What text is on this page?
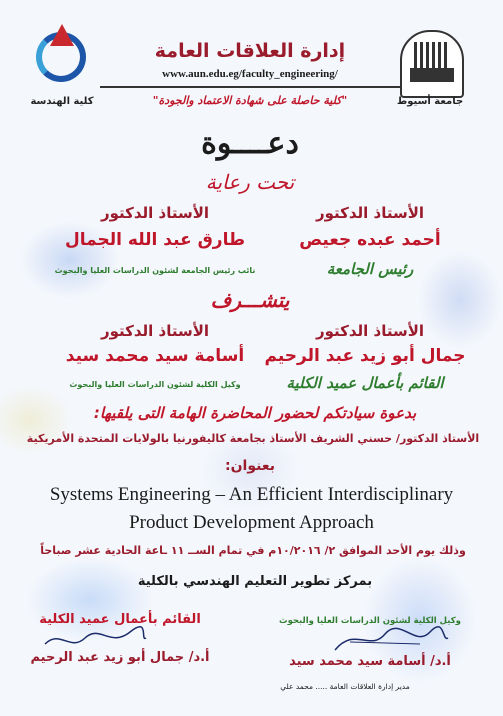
جامعة أسيوط
كلية الهندسة
إدارة العلاقات العامة
www.aun.edu.eg/faculty_engineering/
"كلية حاصلة على شهادة الاعتماد والجودة"
دعــــوة
تحت رعاية
الأستاذ الدكتور
أحمد عبده جعيص
رئيس الجامعة
الأستاذ الدكتور
طارق عبد الله الجمال
نائب رئيس الجامعة لشئون الدراسات العليا والبحوث
يتشـــرف
الأستاذ الدكتور
جمال أبو زيد عبد الرحيم
القائم بأعمال عميد الكلية
الأستاذ الدكتور
أسامة سيد محمد سيد
وكيل الكلية لشئون الدراسات العليا والبحوث
بدعوة سيادتكم لحضور المحاضرة الهامة التى يلقيها:
الأستاذ الدكتور/ حسني الشريف الأستاذ بجامعة كاليفورنيا بالولايات المتحدة الأمريكية
بعنوان:
Systems Engineering – An Efficient Interdisciplinary
Product Development Approach
وذلك يوم الأحد الموافق ٢/ ١٠/٢٠١٦م في تمام الســ ١١ ـاعة الحادية عشر صباحاً
بمركز تطوير التعليم الهندسي بالكلية
وكيل الكلية لشئون الدراسات العليا والبحوث
أ.د/ أسامة سيد محمد سيد
القائم بأعمال عميد الكلية
أ.د/ جمال أبو زيد عبد الرحيم
مدير إدارة العلاقات العامة ..... محمد علي
